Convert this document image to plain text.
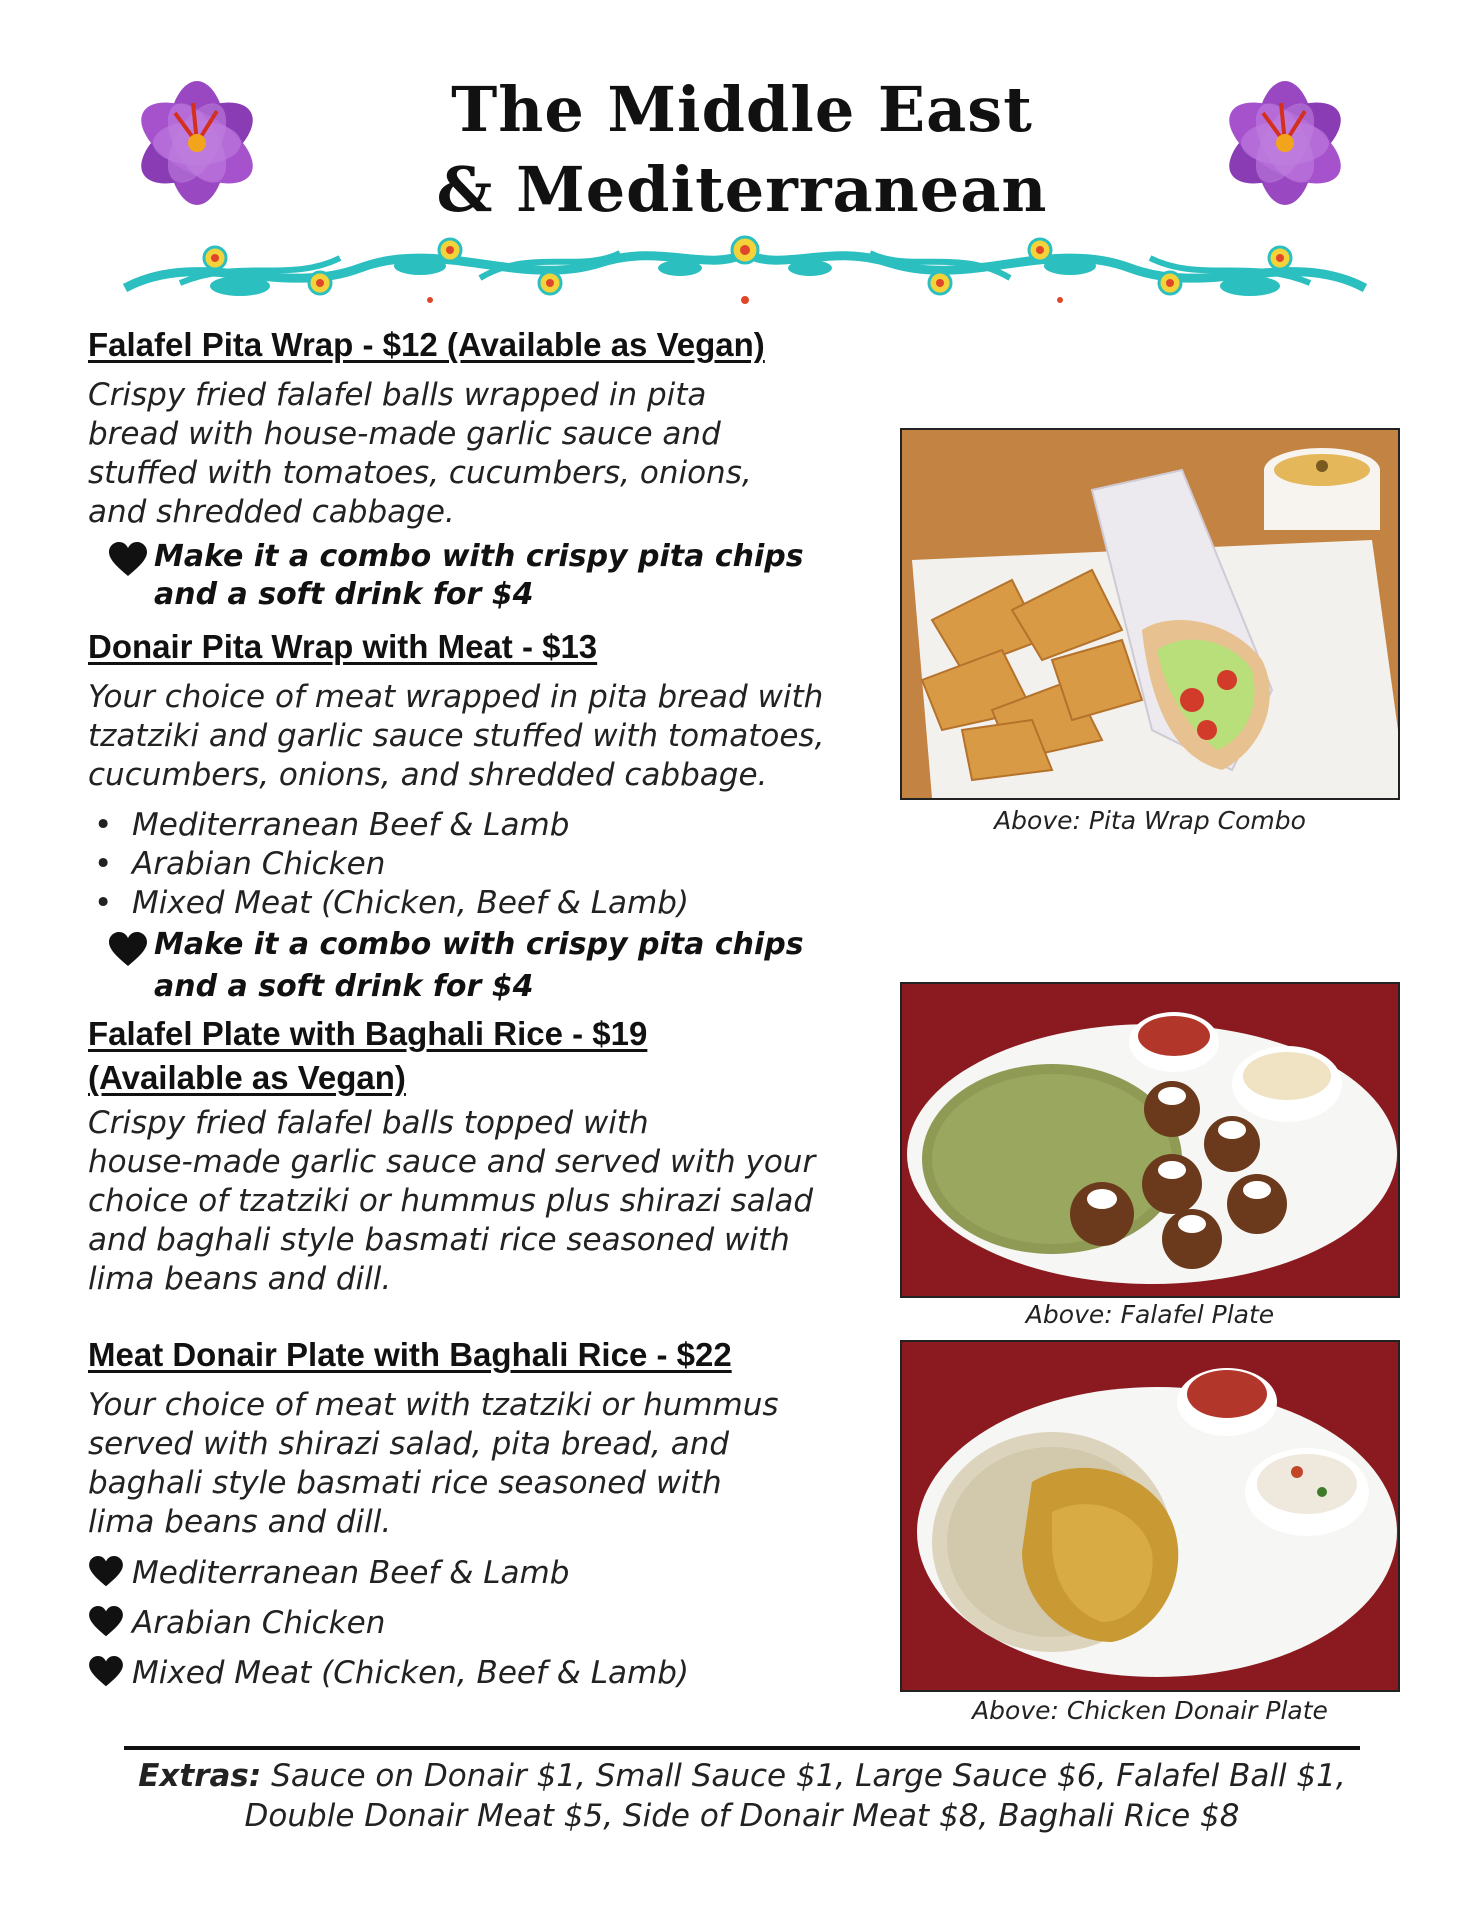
The Middle East
& Mediterranean
Falafel Pita Wrap - $12 (Available as Vegan)
Crispy fried falafel balls wrapped in pita
bread with house-made garlic sauce and
stuffed with tomatoes, cucumbers, onions,
and shredded cabbage.
Make it a combo with crispy pita chips
and a soft drink for $4
Donair Pita Wrap with Meat - $13
Your choice of meat wrapped in pita bread with
tzatziki and garlic sauce stuffed with tomatoes,
cucumbers, onions, and shredded cabbage.
• Mediterranean Beef & Lamb
• Arabian Chicken
• Mixed Meat (Chicken, Beef & Lamb)
Make it a combo with crispy pita chips
and a soft drink for $4
Falafel Plate with Baghali Rice - $19
(Available as Vegan)
Crispy fried falafel balls topped with
house-made garlic sauce and served with your
choice of tzatziki or hummus plus shirazi salad
and baghali style basmati rice seasoned with
lima beans and dill.
Meat Donair Plate with Baghali Rice - $22
Your choice of meat with tzatziki or hummus
served with shirazi salad, pita bread, and
baghali style basmati rice seasoned with
lima beans and dill.
Mediterranean Beef & Lamb
Arabian Chicken
Mixed Meat (Chicken, Beef & Lamb)
Above: Pita Wrap Combo
Above: Falafel Plate
Above: Chicken Donair Plate
Extras: Sauce on Donair $1, Small Sauce $1, Large Sauce $6, Falafel Ball $1,
Double Donair Meat $5, Side of Donair Meat $8, Baghali Rice $8
